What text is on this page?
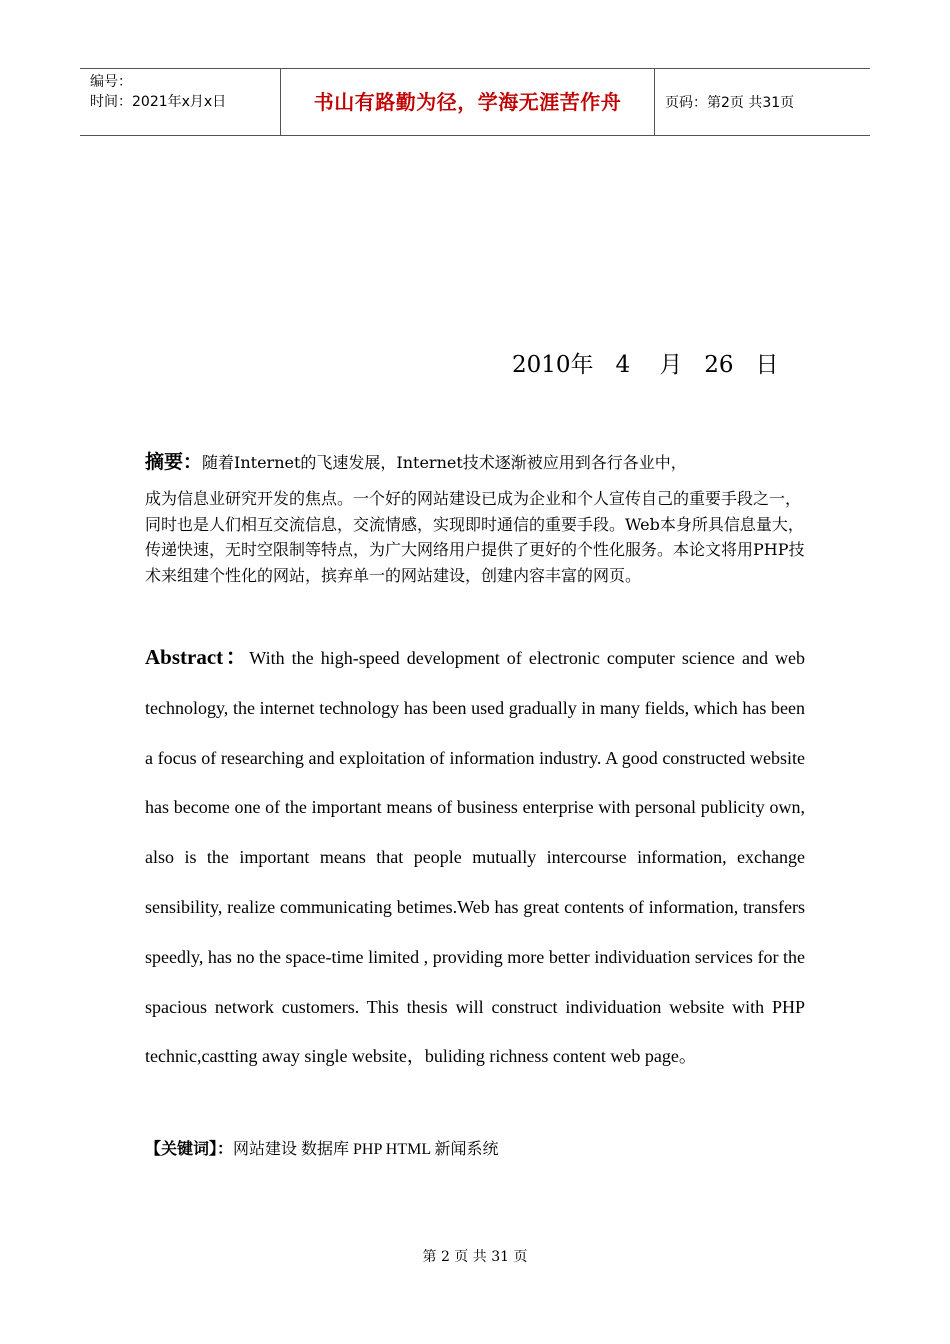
编号：
时间：2021年x月x日	书山有路勤为径，学海无涯苦作舟	页码：第2页 共31页
2010年   4    月   26   日
摘要：随着Internet的飞速发展，Internet技术逐渐被应用到各行各业中，
成为信息业研究开发的焦点。一个好的网站建设已成为企业和个人宣传自己的重要手段之一，同时也是人们相互交流信息，交流情感，实现即时通信的重要手段。Web本身所具信息量大，传递快速，无时空限制等特点，为广大网络用户提供了更好的个性化服务。本论文将用PHP技术来组建个性化的网站，摈弃单一的网站建设，创建内容丰富的网页。
Abstract：With the high-speed development of electronic computer science and web technology, the internet technology has been used gradually in many fields, which has been a focus of researching and exploitation of information industry. A good constructed website has become one of the important means of business enterprise with personal publicity own, also is the important means that people mutually intercourse information, exchange sensibility, realize communicating betimes.Web has great contents of information, transfers speedly, has no the space-time limited , providing more better individuation services for the spacious network customers. This thesis will construct individuation website with PHP technic,castting away single website，buliding richness content web page。
【关键词】：网站建设 数据库 PHP HTML 新闻系统
第 2 页 共 31 页
